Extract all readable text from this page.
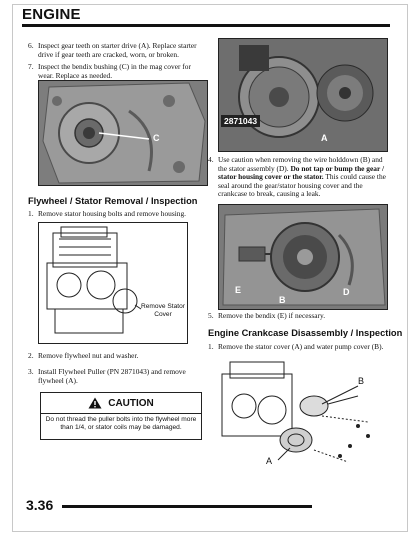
ENGINE
6. Inspect gear teeth on starter drive (A). Replace starter drive if gear teeth are cracked, worn, or broken.
7. Inspect the bendix bushing (C) in the mag cover for wear. Replace as needed.
C
Flywheel / Stator Removal / Inspection
1. Remove stator housing bolts and remove housing.
Remove Stator Cover
2. Remove flywheel nut and washer.
3. Install Flywheel Puller (PN 2871043) and remove flywheel (A).
CAUTION
Do not thread the puller bolts into the flywheel more than 1/4, or stator coils may be damaged.
2871043
A
4. Use caution when removing the wire holddown (B) and the stator assembly (D). Do not tap or bump the gear / stator housing cover or the stator. This could cause the seal around the gear/stator housing cover and the crankcase to break, causing a leak.
E
B
D
5. Remove the bendix (E) if necessary.
Engine Crankcase Disassembly / Inspection
1. Remove the stator cover (A) and water pump cover (B).
A
B
3.36
